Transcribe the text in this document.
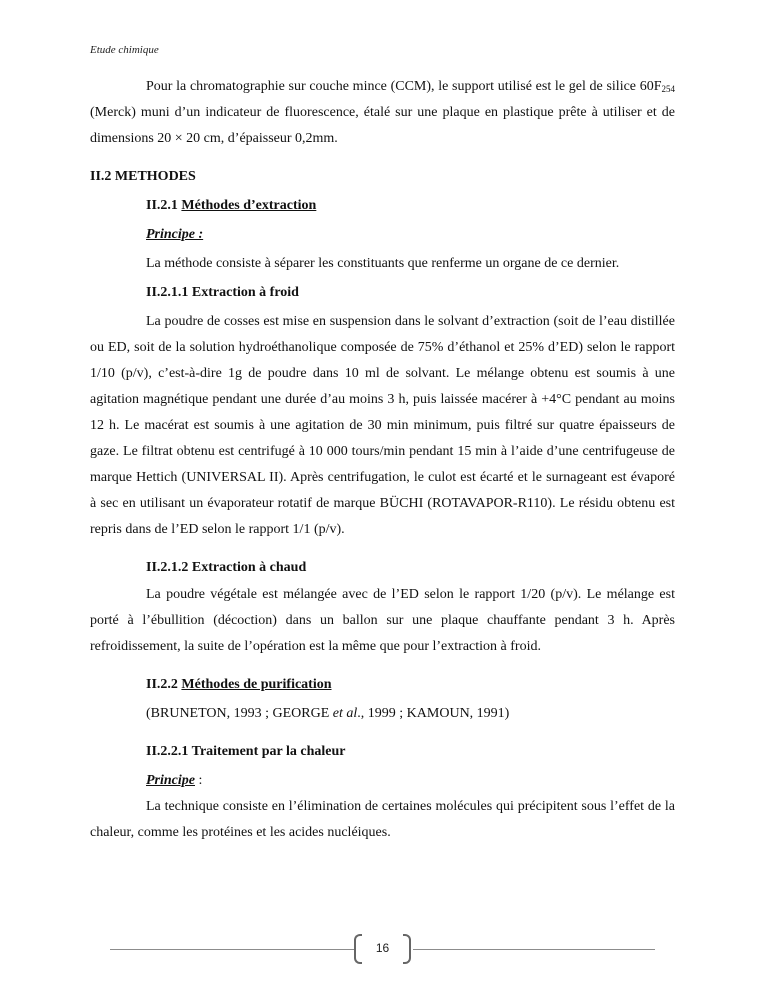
Etude chimique

Pour la chromatographie sur couche mince (CCM), le support utilisé est le gel de silice $60F_{254}$ (Merck) muni d’un indicateur de fluorescence, étalé sur une plaque en plastique prête à utiliser et de dimensions 20 × 20 cm, d’épaisseur 0,2mm.

II.2 METHODES

II.2.1 Méthodes d’extraction

Principe :

La méthode consiste à séparer les constituants que renferme un organe de ce dernier.

II.2.1.1 Extraction à froid

La poudre de cosses est mise en suspension dans le solvant d’extraction (soit de l’eau distillée ou ED, soit de la solution hydroéthanolique composée de 75% d’éthanol et 25% d’ED) selon le rapport 1/10 (p/v), c’est-à-dire 1g de poudre dans 10 ml de solvant. Le mélange obtenu est soumis à une agitation magnétique pendant une durée d’au moins 3 h, puis laissée macérer à +4°C pendant au moins 12 h. Le macérat est soumis à une agitation de 30 min minimum, puis filtré sur quatre épaisseurs de gaze. Le filtrat obtenu est centrifugé à 10 000 tours/min pendant 15 min à l’aide d’une centrifugeuse de marque Hettich (UNIVERSAL II). Après centrifugation, le culot est écarté et le surnageant est évaporé à sec en utilisant un évaporateur rotatif de marque BÜCHI (ROTAVAPOR-R110). Le résidu obtenu est repris dans de l’ED selon le rapport 1/1 (p/v).

II.2.1.2 Extraction à chaud

La poudre végétale est mélangée avec de l’ED selon le rapport 1/20 (p/v). Le mélange est porté à l’ébullition (décoction) dans un ballon sur une plaque chauffante pendant 3 h. Après refroidissement, la suite de l’opération est la même que pour l’extraction à froid.

II.2.2 Méthodes de purification

(BRUNETON, 1993 ; GEORGE et al., 1999 ; KAMOUN, 1991)

II.2.2.1 Traitement par la chaleur

Principe :

La technique consiste en l’élimination de certaines molécules qui précipitent sous l’effet de la chaleur, comme les protéines et les acides nucléiques.

16
